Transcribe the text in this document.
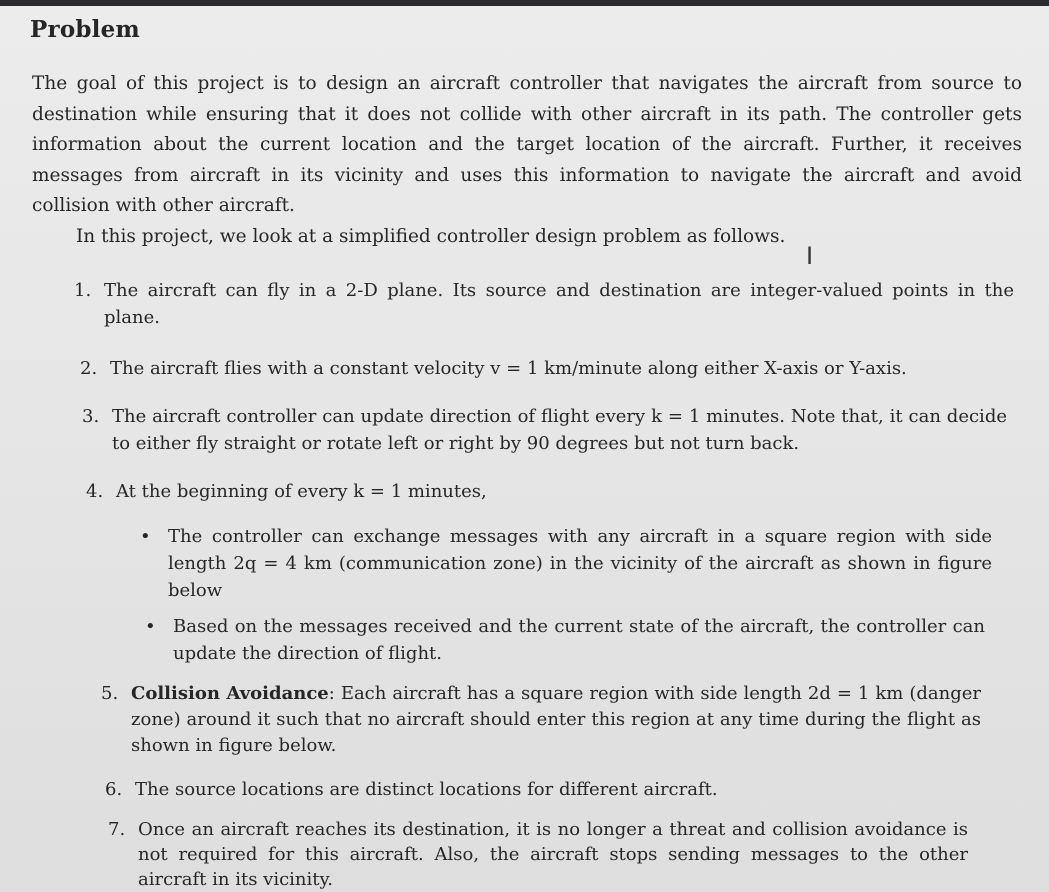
Problem
The goal of this project is to design an aircraft controller that navigates the aircraft from source to destination while ensuring that it does not collide with other aircraft in its path. The controller gets information about the current location and the target location of the aircraft. Further, it receives messages from aircraft in its vicinity and uses this information to navigate the aircraft and avoid collision with other aircraft.
In this project, we look at a simplified controller design problem as follows.
I
1. The aircraft can fly in a 2-D plane. Its source and destination are integer-valued points in the plane.
2. The aircraft flies with a constant velocity v = 1 km/minute along either X-axis or Y-axis.
3. The aircraft controller can update direction of flight every k = 1 minutes. Note that, it can decide to either fly straight or rotate left or right by 90 degrees but not turn back.
4. At the beginning of every k = 1 minutes,
• The controller can exchange messages with any aircraft in a square region with side length 2q = 4 km (communication zone) in the vicinity of the aircraft as shown in figure below
• Based on the messages received and the current state of the aircraft, the controller can update the direction of flight.
5. Collision Avoidance: Each aircraft has a square region with side length 2d = 1 km (danger zone) around it such that no aircraft should enter this region at any time during the flight as shown in figure below.
6. The source locations are distinct locations for different aircraft.
7. Once an aircraft reaches its destination, it is no longer a threat and collision avoidance is not required for this aircraft. Also, the aircraft stops sending messages to the other aircraft in its vicinity.
